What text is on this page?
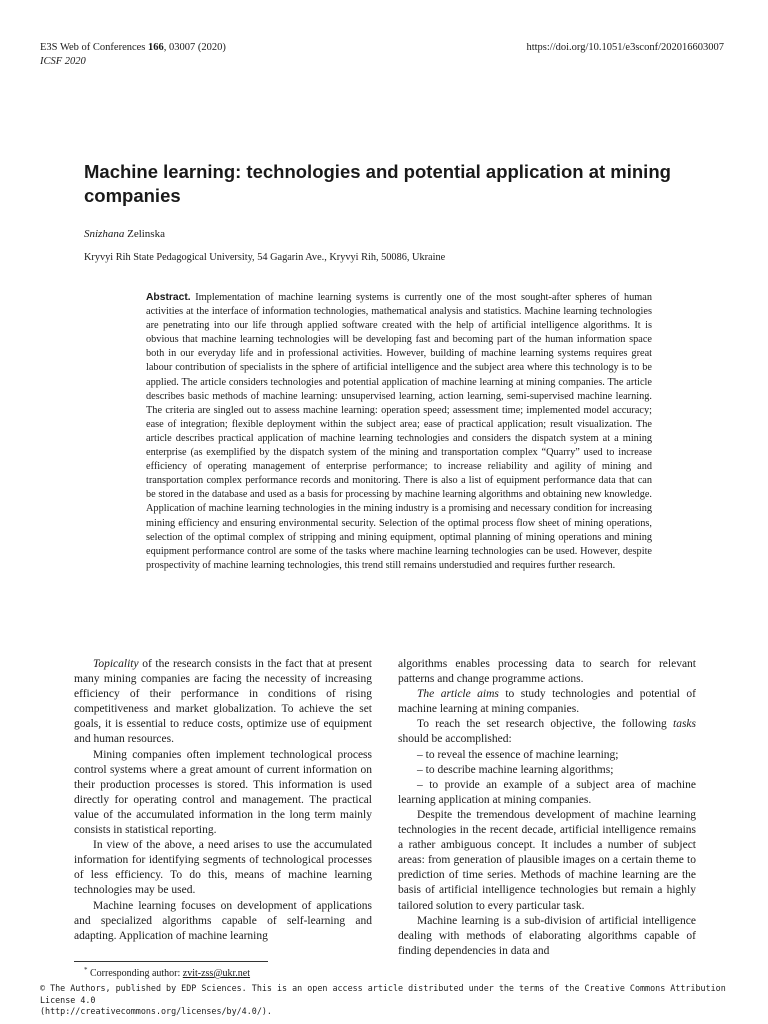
E3S Web of Conferences 166, 03007 (2020)
ICSF 2020
https://doi.org/10.1051/e3sconf/202016603007
Machine learning: technologies and potential application at mining companies
Snizhana Zelinska
Kryvyi Rih State Pedagogical University, 54 Gagarin Ave., Kryvyi Rih, 50086, Ukraine
Abstract. Implementation of machine learning systems is currently one of the most sought-after spheres of human activities at the interface of information technologies, mathematical analysis and statistics. Machine learning technologies are penetrating into our life through applied software created with the help of artificial intelligence algorithms. It is obvious that machine learning technologies will be developing fast and becoming part of the human information space both in our everyday life and in professional activities. However, building of machine learning systems requires great labour contribution of specialists in the sphere of artificial intelligence and the subject area where this technology is to be applied. The article considers technologies and potential application of machine learning at mining companies. The article describes basic methods of machine learning: unsupervised learning, action learning, semi-supervised machine learning. The criteria are singled out to assess machine learning: operation speed; assessment time; implemented model accuracy; ease of integration; flexible deployment within the subject area; ease of practical application; result visualization. The article describes practical application of machine learning technologies and considers the dispatch system at a mining enterprise (as exemplified by the dispatch system of the mining and transportation complex “Quarry” used to increase efficiency of operating management of enterprise performance; to increase reliability and agility of mining and transportation complex performance records and monitoring. There is also a list of equipment performance data that can be stored in the database and used as a basis for processing by machine learning algorithms and obtaining new knowledge. Application of machine learning technologies in the mining industry is a promising and necessary condition for increasing mining efficiency and ensuring environmental security. Selection of the optimal process flow sheet of mining operations, selection of the optimal complex of stripping and mining equipment, optimal planning of mining operations and mining equipment performance control are some of the tasks where machine learning technologies can be used. However, despite prospectivity of machine learning technologies, this trend still remains understudied and requires further research.

Topicality of the research consists in the fact that at present many mining companies are facing the necessity of increasing efficiency of their performance in conditions of rising competitiveness and market globalization. To achieve the set goals, it is essential to reduce costs, optimize use of equipment and human resources.

Mining companies often implement technological process control systems where a great amount of current information on their production processes is stored. This information is used directly for operating control and management. The practical value of the accumulated information in the long term mainly consists in statistical reporting.

In view of the above, a need arises to use the accumulated information for identifying segments of technological processes of less efficiency. To do this, means of machine learning technologies may be used.

Machine learning focuses on development of applications and specialized algorithms capable of self-learning and adapting. Application of machine learning

algorithms enables processing data to search for relevant patterns and change programme actions.

The article aims to study technologies and potential of machine learning at mining companies.

To reach the set research objective, the following tasks should be accomplished:

– to reveal the essence of machine learning;

– to describe machine learning algorithms;

– to provide an example of a subject area of machine learning application at mining companies.

Despite the tremendous development of machine learning technologies in the recent decade, artificial intelligence remains a rather ambiguous concept. It includes a number of subject areas: from generation of plausible images on a certain theme to prediction of time series. Methods of machine learning are the basis of artificial intelligence technologies but remain a highly tailored solution to every particular task.

Machine learning is a sub-division of artificial intelligence dealing with methods of elaborating algorithms capable of finding dependencies in data and

* Corresponding author: zvit-zss@ukr.net
© The Authors, published by EDP Sciences. This is an open access article distributed under the terms of the Creative Commons Attribution License 4.0
(http://creativecommons.org/licenses/by/4.0/).
